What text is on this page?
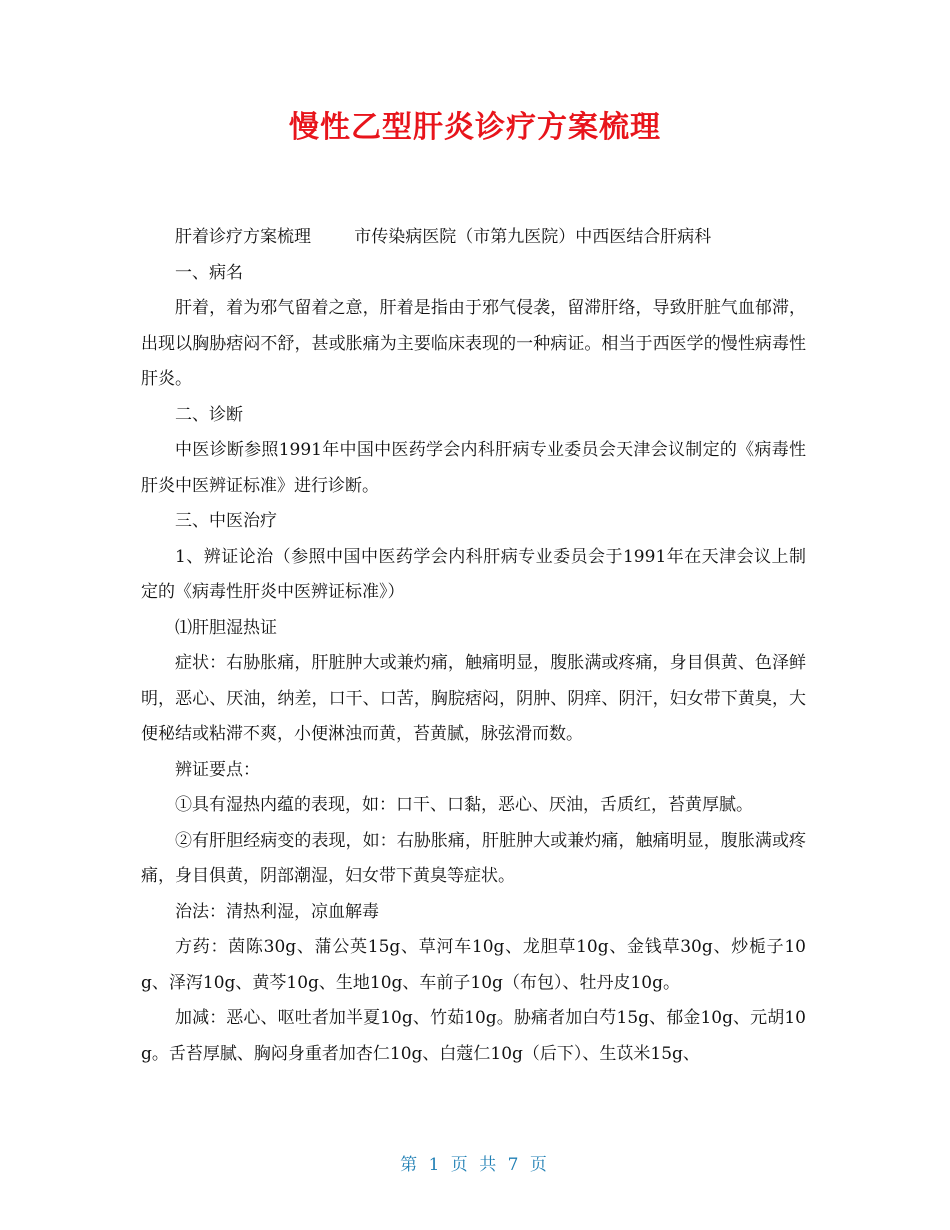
慢性乙型肝炎诊疗方案梳理

肝着诊疗方案梳理	市传染病医院（市第九医院）中西医结合肝病科

一、病名

肝着，着为邪气留着之意，肝着是指由于邪气侵袭，留滞肝络，导致肝脏气血郁滞，出现以胸胁痞闷不舒，甚或胀痛为主要临床表现的一种病证。相当于西医学的慢性病毒性肝炎。

二、诊断

中医诊断参照1991年中国中医药学会内科肝病专业委员会天津会议制定的《病毒性肝炎中医辨证标准》进行诊断。

三、中医治疗

1、辨证论治（参照中国中医药学会内科肝病专业委员会于1991年在天津会议上制定的《病毒性肝炎中医辨证标准》）

⑴肝胆湿热证

症状：右胁胀痛，肝脏肿大或兼灼痛，触痛明显，腹胀满或疼痛，身目俱黄、色泽鲜明，恶心、厌油，纳差，口干、口苦，胸脘痞闷，阴肿、阴痒、阴汗，妇女带下黄臭，大便秘结或粘滞不爽，小便淋浊而黄，苔黄腻，脉弦滑而数。

辨证要点：

①具有湿热内蕴的表现，如：口干、口黏，恶心、厌油，舌质红，苔黄厚腻。

②有肝胆经病变的表现，如：右胁胀痛，肝脏肿大或兼灼痛，触痛明显，腹胀满或疼痛，身目俱黄，阴部潮湿，妇女带下黄臭等症状。

治法：清热利湿，凉血解毒

方药：茵陈30g、蒲公英15g、草河车10g、龙胆草10g、金钱草30g、炒栀子10g、泽泻10g、黄芩10g、生地10g、车前子10g（布包）、牡丹皮10g。

加减：恶心、呕吐者加半夏10g、竹茹10g。胁痛者加白芍15g、郁金10g、元胡10g。舌苔厚腻、胸闷身重者加杏仁10g、白蔻仁10g（后下）、生苡米15g、

第 1 页 共 7 页
